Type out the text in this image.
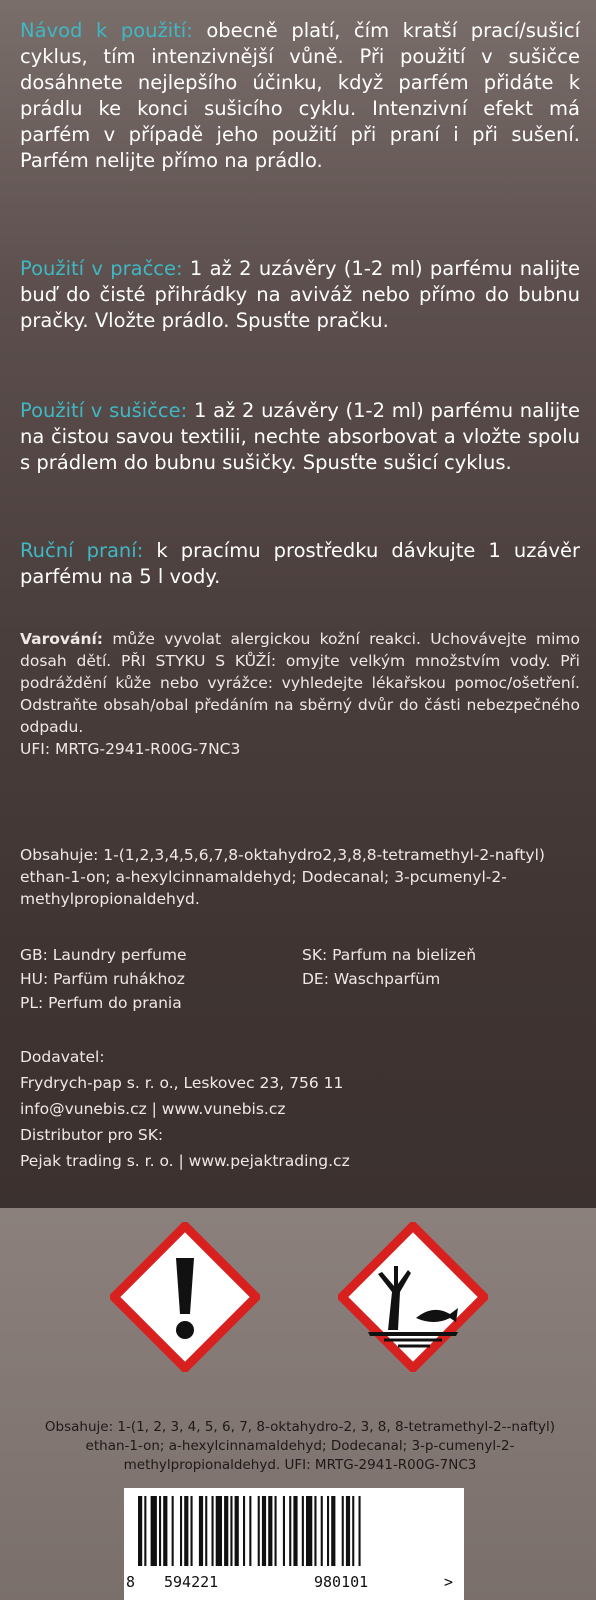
Návod k použití: obecně platí, čím kratší prací/sušicí cyklus, tím intenzivnější vůně. Při použití v sušičce dosáhnete nejlepšího účinku, když parfém přidáte k prádlu ke konci sušicího cyklu. Intenzivní efekt má parfém v případě jeho použití při praní i při sušení. Parfém nelijte přímo na prádlo.

Použití v pračce: 1 až 2 uzávěry (1-2 ml) parfému nalijte buď do čisté přihrádky na aviváž nebo přímo do bubnu pračky. Vložte prádlo. Spusťte pračku.

Použití v sušičce: 1 až 2 uzávěry (1-2 ml) parfému nalijte na čistou savou textilii, nechte absorbovat a vložte spolu s prádlem do bubnu sušičky. Spusťte sušicí cyklus.

Ruční praní: k pracímu prostředku dávkujte 1 uzávěr parfému na 5 l vody.

Varování: může vyvolat alergickou kožní reakci. Uchovávejte mimo dosah dětí. PŘI STYKU S KŮŽÍ: omyjte velkým množstvím vody. Při podráždění kůže nebo vyrážce: vyhledejte lékařskou pomoc/ošetření. Odstraňte obsah/obal předáním na sběrný dvůr do části nebezpečného odpadu.
UFI: MRTG-2941-R00G-7NC3

Obsahuje: 1-(1,2,3,4,5,6,7,8-oktahydro2,3,8,8-tetramethyl-2-naftyl) ethan-1-on; a-hexylcinnamaldehyd; Dodecanal; 3-pcumenyl-2-methylpropionaldehyd.

GB: Laundry perfume	SK: Parfum na bielizeň
HU: Parfüm ruhákhoz	DE: Waschparfüm
PL: Perfum do prania
Dodavatel:
Frydrych-pap s. r. o., Leskovec 23, 756 11
info@vunebis.cz | www.vunebis.cz
Distributor pro SK:
Pejak trading s. r. o. | www.pejaktrading.cz
Obsahuje: 1-(1, 2, 3, 4, 5, 6, 7, 8-oktahydro-2, 3, 8, 8-tetramethyl-2--naftyl) ethan-1-on; a-hexylcinnamaldehyd; Dodecanal; 3-p-cumenyl-2-methylpropionaldehyd. UFI: MRTG-2941-R00G-7NC3
8 594221	980101	>
